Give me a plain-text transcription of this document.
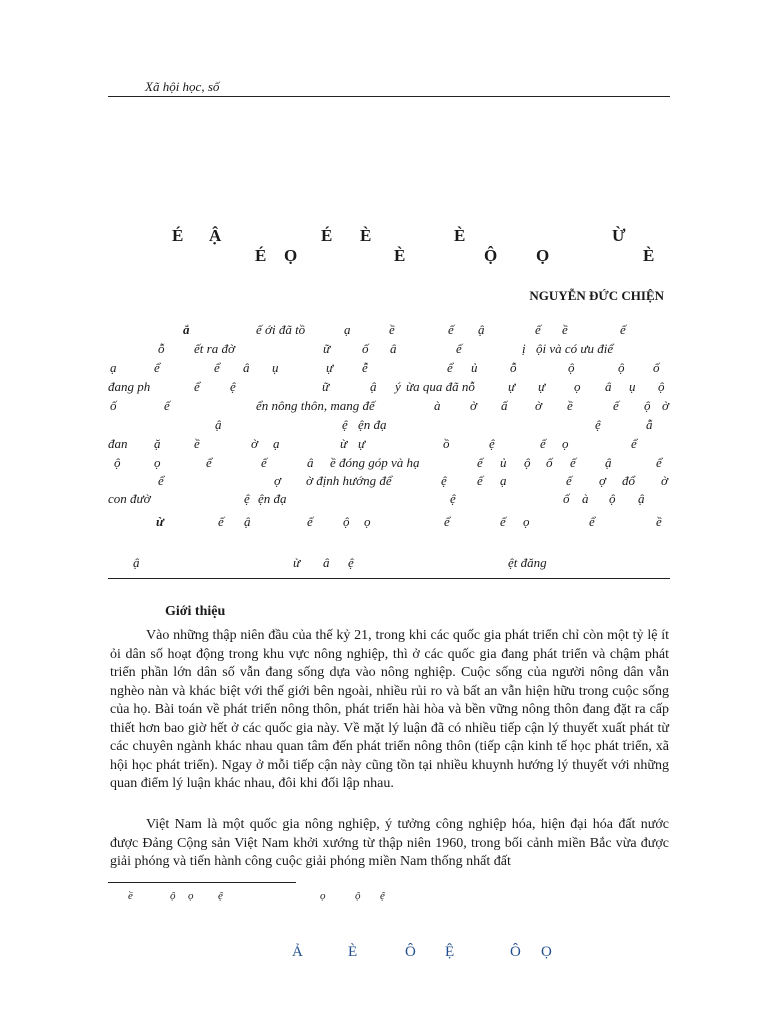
Xã hội học, số
É Ậ	É È	È	Ừ
É Ọ	È	Ộ Ọ	È
NGUYỄN ĐỨC CHIỆN
ắ	ế ới đã tồ	ạ	ề	ế ậ	ế ề	ế
ỗ ết ra đờ	ữ ố â	ế	ị ội và có ưu điể
ạ	ể	ể â ụ	ự ễ	ể ủ	ỗ	ộ	ộ ố
đang ph	ể ệ	ữ	ậ ý ừa qua đã nỗ	ự ự ọ â ụ ộ
ố	ế	ển nông thôn, mang đế	à ờ ấ ờ ề	ế ộ ờ
ậ	ệ ện đạ	ệ	ẫ
đan ặ	ề	ờ ạ	ừ ự	ồ	ệ	ế ọ	ể
ộ	ọ	ể	ế	â ề đóng góp và hạ	ế ủ ộ ố ế ậ	ể
ể	ợ ờ định hướng để	ệ ế ạ	ế ợ đổ ờ
con đườ	ệ ện đạ	ệ	ố à ộ ậ
ừ	ế ậ	ế ộ ọ	ể	ế ọ	ể	ề
ậ	ừ â ệ	ệt đăng
Giới thiệu
Vào những thập niên đầu của thế kỷ 21, trong khi các quốc gia phát triển chỉ còn một tỷ lệ ít ỏi dân số hoạt động trong khu vực nông nghiệp, thì ở các quốc gia đang phát triển và chậm phát triển phần lớn dân số vẫn đang sống dựa vào nông nghiệp. Cuộc sống của người nông dân vẫn nghèo nàn và khác biệt với thế giới bên ngoài, nhiều rủi ro và bất an vẫn hiện hữu trong cuộc sống của họ. Bài toán về phát triển nông thôn, phát triển hài hòa và bền vững nông thôn đang đặt ra cấp thiết hơn bao giờ hết ở các quốc gia này. Về mặt lý luận đã có nhiều tiếp cận lý thuyết xuất phát từ các chuyên ngành khác nhau quan tâm đến phát triển nông thôn (tiếp cận kinh tế học phát triển, xã hội học phát triển). Ngay ở mỗi tiếp cận này cũng tồn tại nhiều khuynh hướng lý thuyết với những quan điểm lý luận khác nhau, đôi khi đối lập nhau.
Việt Nam là một quốc gia nông nghiệp, ý tưởng công nghiệp hóa, hiện đại hóa đất nước được Đảng Cộng sản Việt Nam khởi xướng từ thập niên 1960, trong bối cảnh miền Bắc vừa được giải phóng và tiến hành công cuộc giải phóng miền Nam thống nhất đất
ề	ộ ọ ệ	ọ	ộ ệ
Ả	È	Ô Ệ	Ô Ọ
